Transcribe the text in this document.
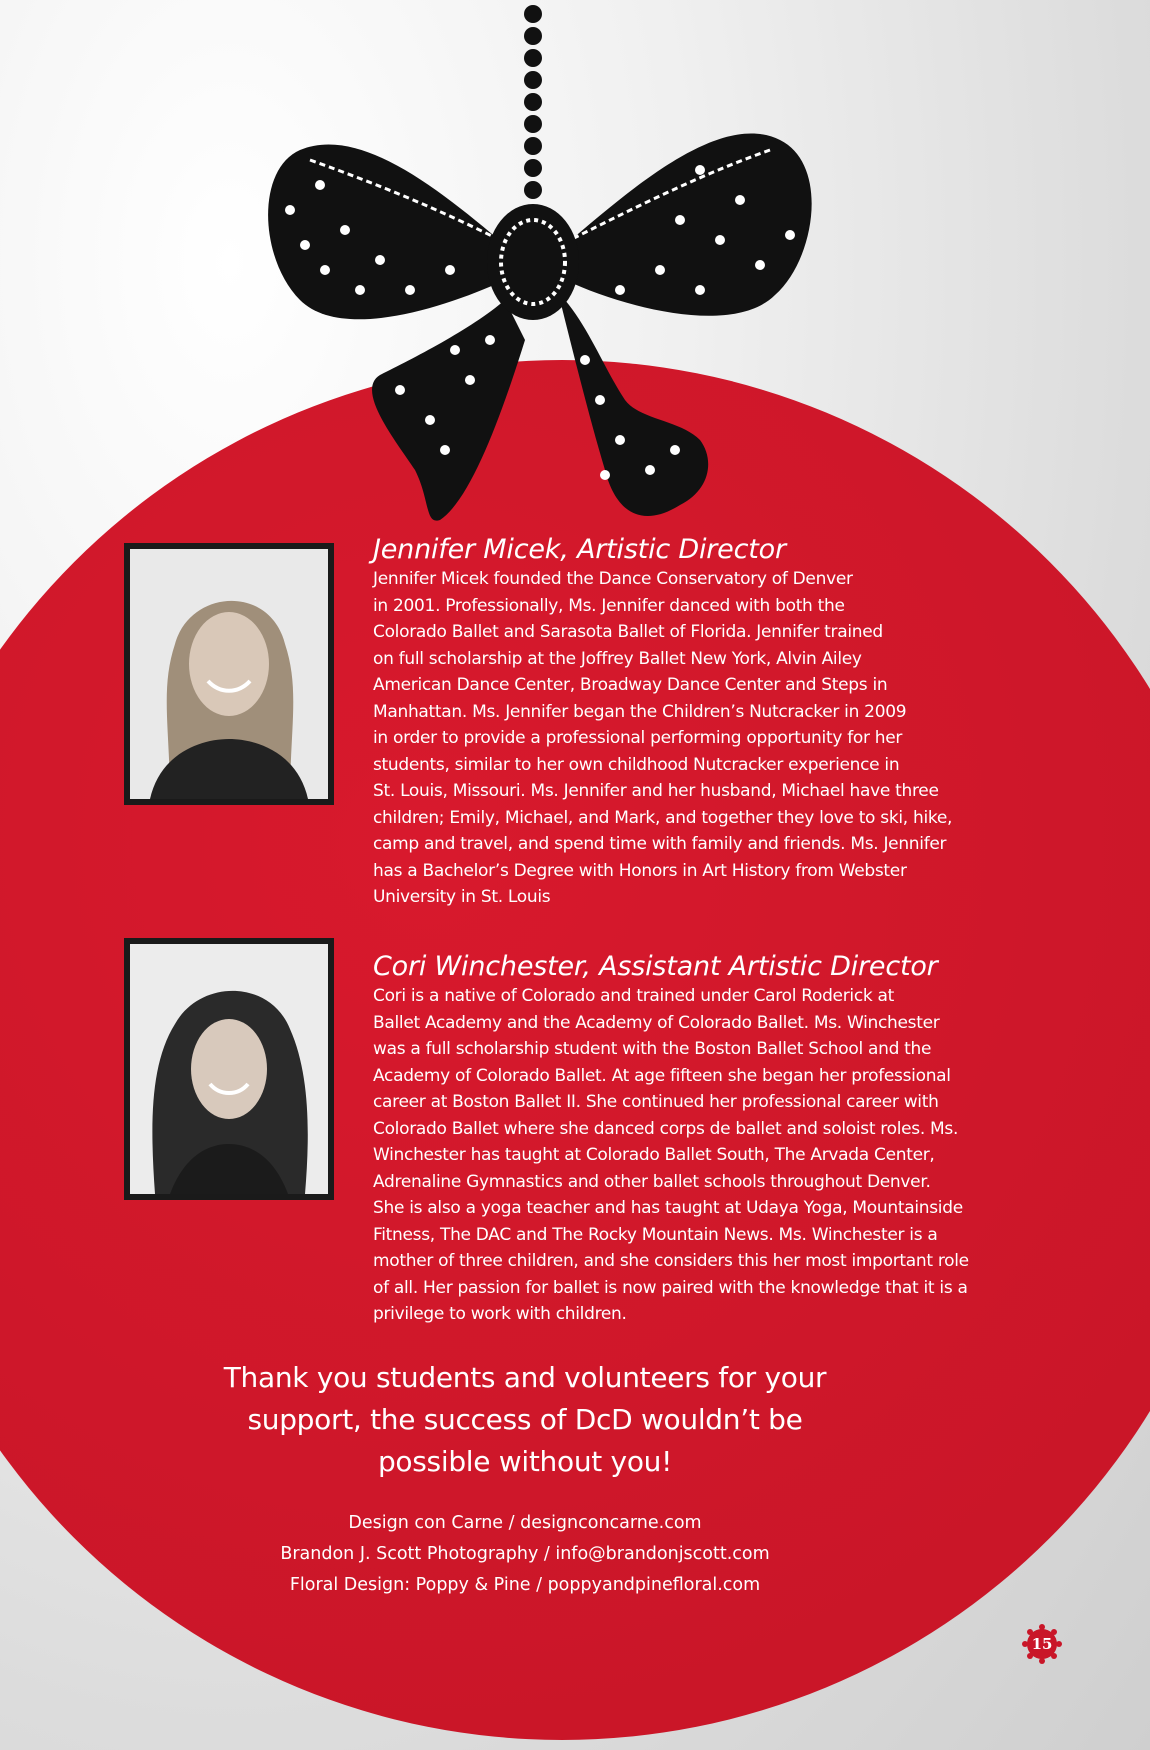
Jennifer Micek, Artistic Director

Jennifer Micek founded the Dance Conservatory of Denver
in 2001. Professionally, Ms. Jennifer danced with both the
Colorado Ballet and Sarasota Ballet of Florida. Jennifer trained
on full scholarship at the Joffrey Ballet New York, Alvin Ailey
American Dance Center, Broadway Dance Center and Steps in
Manhattan. Ms. Jennifer began the Children’s Nutcracker in 2009
in order to provide a professional performing opportunity for her
students, similar to her own childhood Nutcracker experience in
St. Louis, Missouri. Ms. Jennifer and her husband, Michael have three
children; Emily, Michael, and Mark, and together they love to ski, hike,
camp and travel, and spend time with family and friends. Ms. Jennifer
has a Bachelor’s Degree with Honors in Art History from Webster
University in St. Louis

Cori Winchester, Assistant Artistic Director

Cori is a native of Colorado and trained under Carol Roderick at
Ballet Academy and the Academy of Colorado Ballet. Ms. Winchester
was a full scholarship student with the Boston Ballet School and the
Academy of Colorado Ballet. At age fifteen she began her professional
career at Boston Ballet II. She continued her professional career with
Colorado Ballet where she danced corps de ballet and soloist roles. Ms.
Winchester has taught at Colorado Ballet South, The Arvada Center,
Adrenaline Gymnastics and other ballet schools throughout Denver.
She is also a yoga teacher and has taught at Udaya Yoga, Mountainside
Fitness, The DAC and The Rocky Mountain News. Ms. Winchester is a
mother of three children, and she considers this her most important role
of all. Her passion for ballet is now paired with the knowledge that it is a
privilege to work with children.

Thank you students and volunteers for your
support, the success of DcD wouldn’t be
possible without you!
Design con Carne / designconcarne.com
Brandon J. Scott Photography / info@brandonjscott.com
Floral Design: Poppy & Pine / poppyandpinefloral.com
15
